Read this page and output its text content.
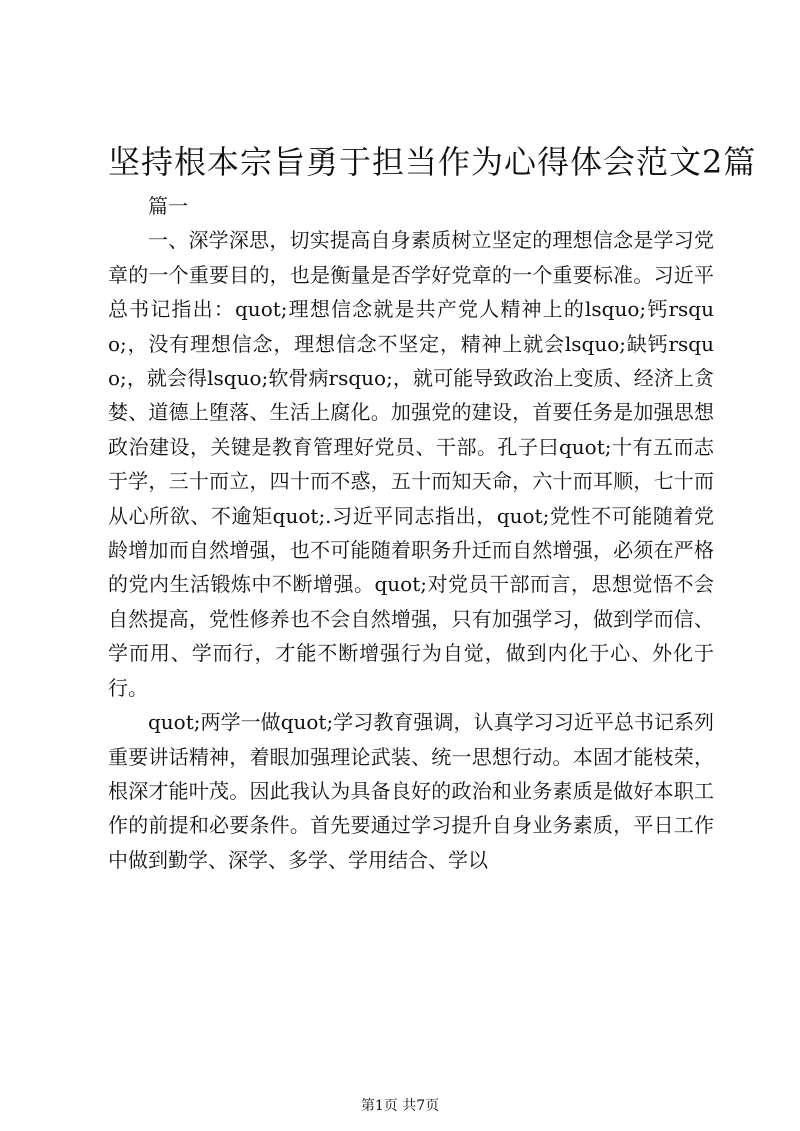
坚持根本宗旨勇于担当作为心得体会范文2篇

篇一

一、深学深思，切实提高自身素质树立坚定的理想信念是学习党章的一个重要目的，也是衡量是否学好党章的一个重要标准。习近平总书记指出：quot;理想信念就是共产党人精神上的lsquo;钙rsquo;，没有理想信念，理想信念不坚定，精神上就会lsquo;缺钙rsquo;，就会得lsquo;软骨病rsquo;，就可能导致政治上变质、经济上贪婪、道德上堕落、生活上腐化。加强党的建设，首要任务是加强思想政治建设，关键是教育管理好党员、干部。孔子曰quot;十有五而志于学，三十而立，四十而不惑，五十而知天命，六十而耳顺，七十而从心所欲、不逾矩quot;.习近平同志指出，quot;党性不可能随着党龄增加而自然增强，也不可能随着职务升迁而自然增强，必须在严格的党内生活锻炼中不断增强。quot;对党员干部而言，思想觉悟不会自然提高，党性修养也不会自然增强，只有加强学习，做到学而信、学而用、学而行，才能不断增强行为自觉，做到内化于心、外化于行。

quot;两学一做quot;学习教育强调，认真学习习近平总书记系列重要讲话精神，着眼加强理论武装、统一思想行动。本固才能枝荣，根深才能叶茂。因此我认为具备良好的政治和业务素质是做好本职工作的前提和必要条件。首先要通过学习提升自身业务素质，平日工作中做到勤学、深学、多学、学用结合、学以

第1页 共7页
